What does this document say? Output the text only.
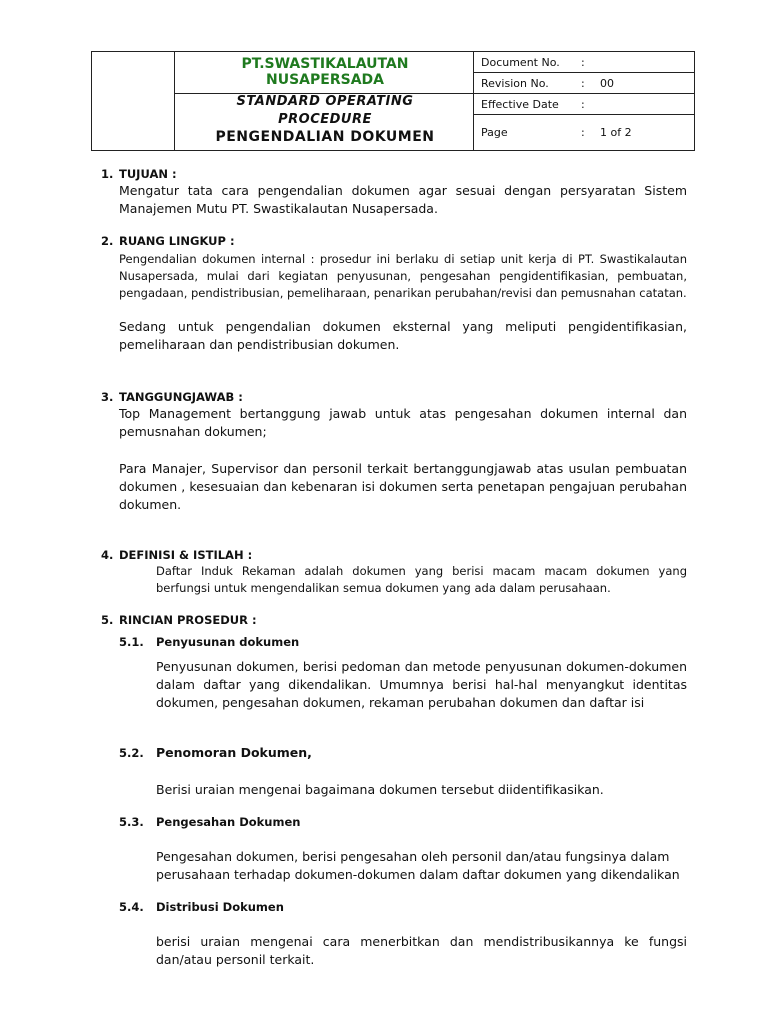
PT.SWASTIKALAUTAN
NUSAPERSADA
STANDARD OPERATING
PROCEDURE
PENGENDALIAN DOKUMEN
Document No. :
Revision No.	: 00
Effective Date :
Page	: 1 of 2
1. TUJUAN :

Mengatur tata cara pengendalian dokumen agar sesuai dengan persyaratan Sistem Manajemen Mutu PT. Swastikalautan Nusapersada.

2. RUANG LINGKUP :

Pengendalian dokumen internal : prosedur ini berlaku di setiap unit kerja di PT. Swastikalautan Nusapersada, mulai dari kegiatan penyusunan, pengesahan pengidentifikasian, pembuatan, pengadaan, pendistribusian, pemeliharaan, penarikan perubahan/revisi dan pemusnahan catatan.

Sedang untuk pengendalian dokumen eksternal yang meliputi pengidentifikasian, pemeliharaan dan pendistribusian dokumen.

3. TANGGUNGJAWAB :

Top Management bertanggung jawab untuk atas pengesahan dokumen internal dan pemusnahan dokumen;

Para Manajer, Supervisor dan personil terkait bertanggungjawab atas usulan pembuatan dokumen , kesesuaian dan kebenaran isi dokumen serta penetapan pengajuan perubahan dokumen.

4. DEFINISI & ISTILAH :

Daftar Induk Rekaman adalah dokumen yang berisi macam macam dokumen yang berfungsi untuk mengendalikan semua dokumen yang ada dalam perusahaan.

5. RINCIAN PROSEDUR :
5.1. Penyusunan dokumen

Penyusunan dokumen, berisi pedoman dan metode penyusunan dokumen-dokumen dalam daftar yang dikendalikan. Umumnya berisi hal-hal menyangkut identitas dokumen, pengesahan dokumen, rekaman perubahan dokumen dan daftar isi

5.2. Penomoran Dokumen,

Berisi uraian mengenai bagaimana dokumen tersebut diidentifikasikan.

5.3. Pengesahan Dokumen

Pengesahan dokumen, berisi pengesahan oleh personil dan/atau fungsinya dalam perusahaan terhadap dokumen-dokumen dalam daftar dokumen yang dikendalikan

5.4. Distribusi Dokumen

berisi uraian mengenai cara menerbitkan dan mendistribusikannya ke fungsi dan/atau personil terkait.
